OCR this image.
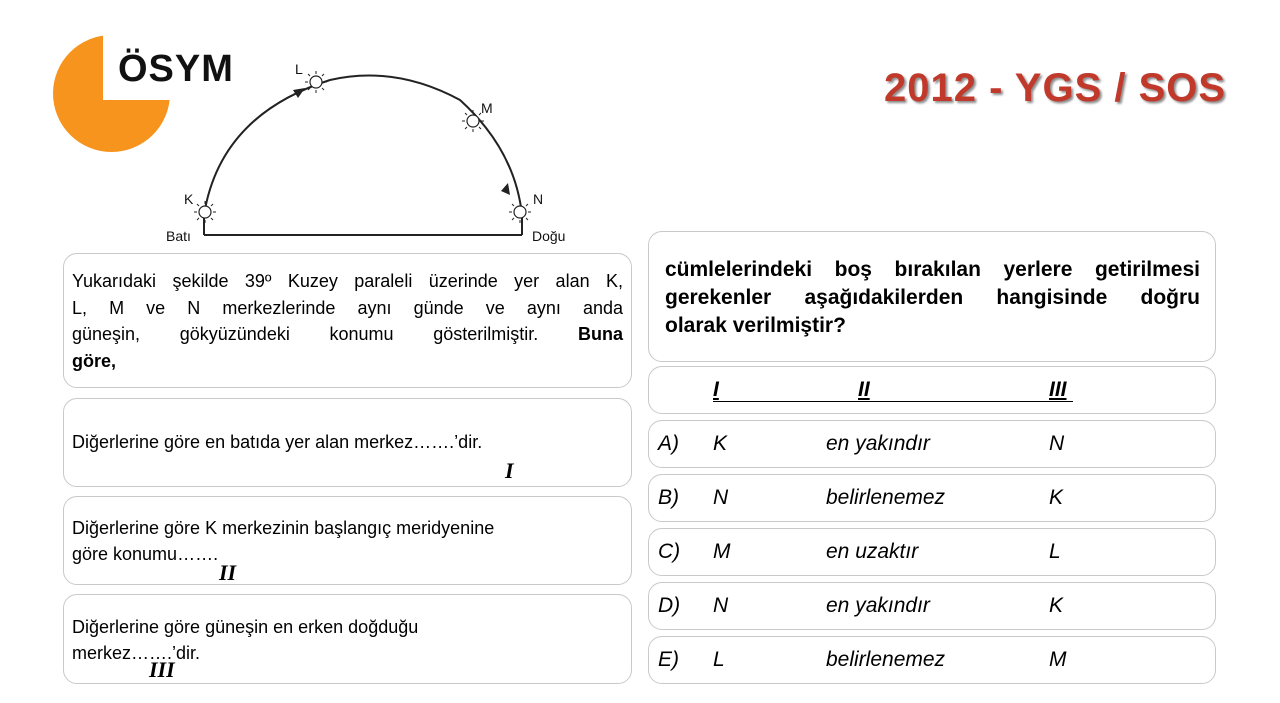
ÖSYM	2012 - YGS / SOS
K
L
M
N
Batı	Doğu
Yukarıdaki şekilde 39º Kuzey paraleli üzerinde yer alan K,
L, M ve N merkezlerinde aynı günde ve aynı anda
güneşin, gökyüzündeki konumu gösterilmiştir. Buna
göre,
Diğerlerine göre en batıda yer alan merkez…….’dir.
I
Diğerlerine göre K merkezinin başlangıç meridyenine
göre konumu…….
II
Diğerlerine göre güneşin en erken doğduğu
merkez…….’dir.
III
cümlelerindeki boş bırakılan yerlere getirilmesi
gerekenler aşağıdakilerden hangisinde doğru
olarak verilmiştir?
I	II	III
A) K	en yakındır	N
B) N	belirlenemez	K
C) M	en uzaktır	L
D) N	en yakındır	K
E) L	belirlenemez	M
